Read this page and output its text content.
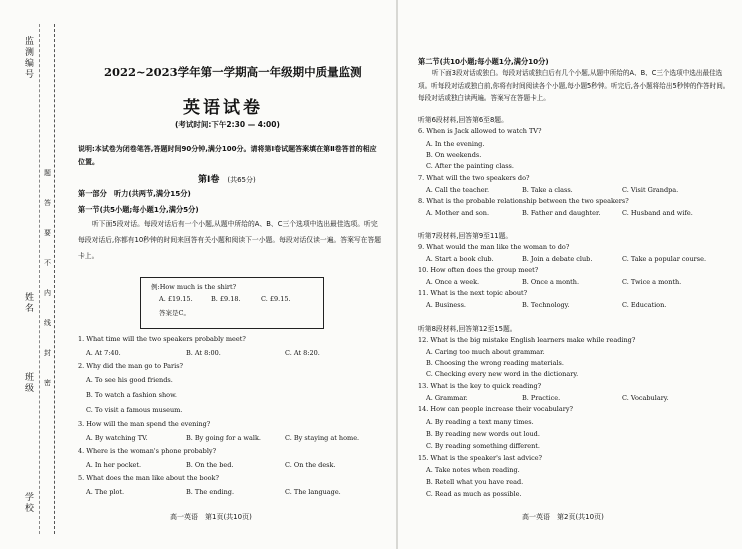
监测编号
姓名
班级
学校
题
答
要
不
内
线
封
密
2022~2023学年第一学期高一年级期中质量监测
英语试卷
(考试时间:下午2:30 — 4:00)
说明:本试卷为闭卷笔答,答题时间90分钟,满分100分。请将第Ⅰ卷试题答案填在第Ⅱ卷答首的相应位置。
第Ⅰ卷 (共65分)
第一部分　听力(共两节,满分15分)
第一节(共5小题;每小题1分,满分5分)
听下面5段对话。每段对话后有一个小题,从题中所给的A、B、C三个选项中选出最佳选项。听完每段对话后,你都有10秒钟的时间来回答有关小题和阅读下一小题。每段对话仅读一遍。答案写在答题卡上。
例:How much is the shirt?
A. £19.15.	B. £9.18.	C. £9.15.
答案是C。
1. What time will the two speakers probably meet?
A. At 7:40.	B. At 8:00.	C. At 8:20.
2. Why did the man go to Paris?
A. To see his good friends.
B. To watch a fashion show.
C. To visit a famous museum.
3. How will the man spend the evening?
A. By watching TV.	B. By going for a walk.	C. By staying at home.
4. Where is the woman's phone probably?
A. In her pocket.	B. On the bed.	C. On the desk.
5. What does the man like about the book?
A. The plot.	B. The ending.	C. The language.
高一英语　第1页(共10页)
第二节(共10小题;每小题1分,满分10分)
听下面3段对话或独白。每段对话或独白后有几个小题,从题中所给的A、B、C三个选项中选出最佳选项。听每段对话或独白前,你将有时间阅读各个小题,每小题5秒钟。听完后,各小题将给出5秒钟的作答时间。每段对话或独白读两遍。答案写在答题卡上。
听第6段材料,回答第6至8题。
6. When is Jack allowed to watch TV?
A. In the evening.
B. On weekends.
C. After the painting class.
7. What will the two speakers do?
A. Call the teacher.	B. Take a class.	C. Visit Grandpa.
8. What is the probable relationship between the two speakers?
A. Mother and son.	B. Father and daughter.	C. Husband and wife.
听第7段材料,回答第9至11题。
9. What would the man like the woman to do?
A. Start a book club.	B. Join a debate club.	C. Take a popular course.
10. How often does the group meet?
A. Once a week.	B. Once a month.	C. Twice a month.
11. What is the next topic about?
A. Business.	B. Technology.	C. Education.
听第8段材料,回答第12至15题。
12. What is the big mistake English learners make while reading?
A. Caring too much about grammar.
B. Choosing the wrong reading materials.
C. Checking every new word in the dictionary.
13. What is the key to quick reading?
A. Grammar.	B. Practice.	C. Vocabulary.
14. How can people increase their vocabulary?
A. By reading a text many times.
B. By reading new words out loud.
C. By reading something different.
15. What is the speaker's last advice?
A. Take notes when reading.
B. Retell what you have read.
C. Read as much as possible.
高一英语　第2页(共10页)
